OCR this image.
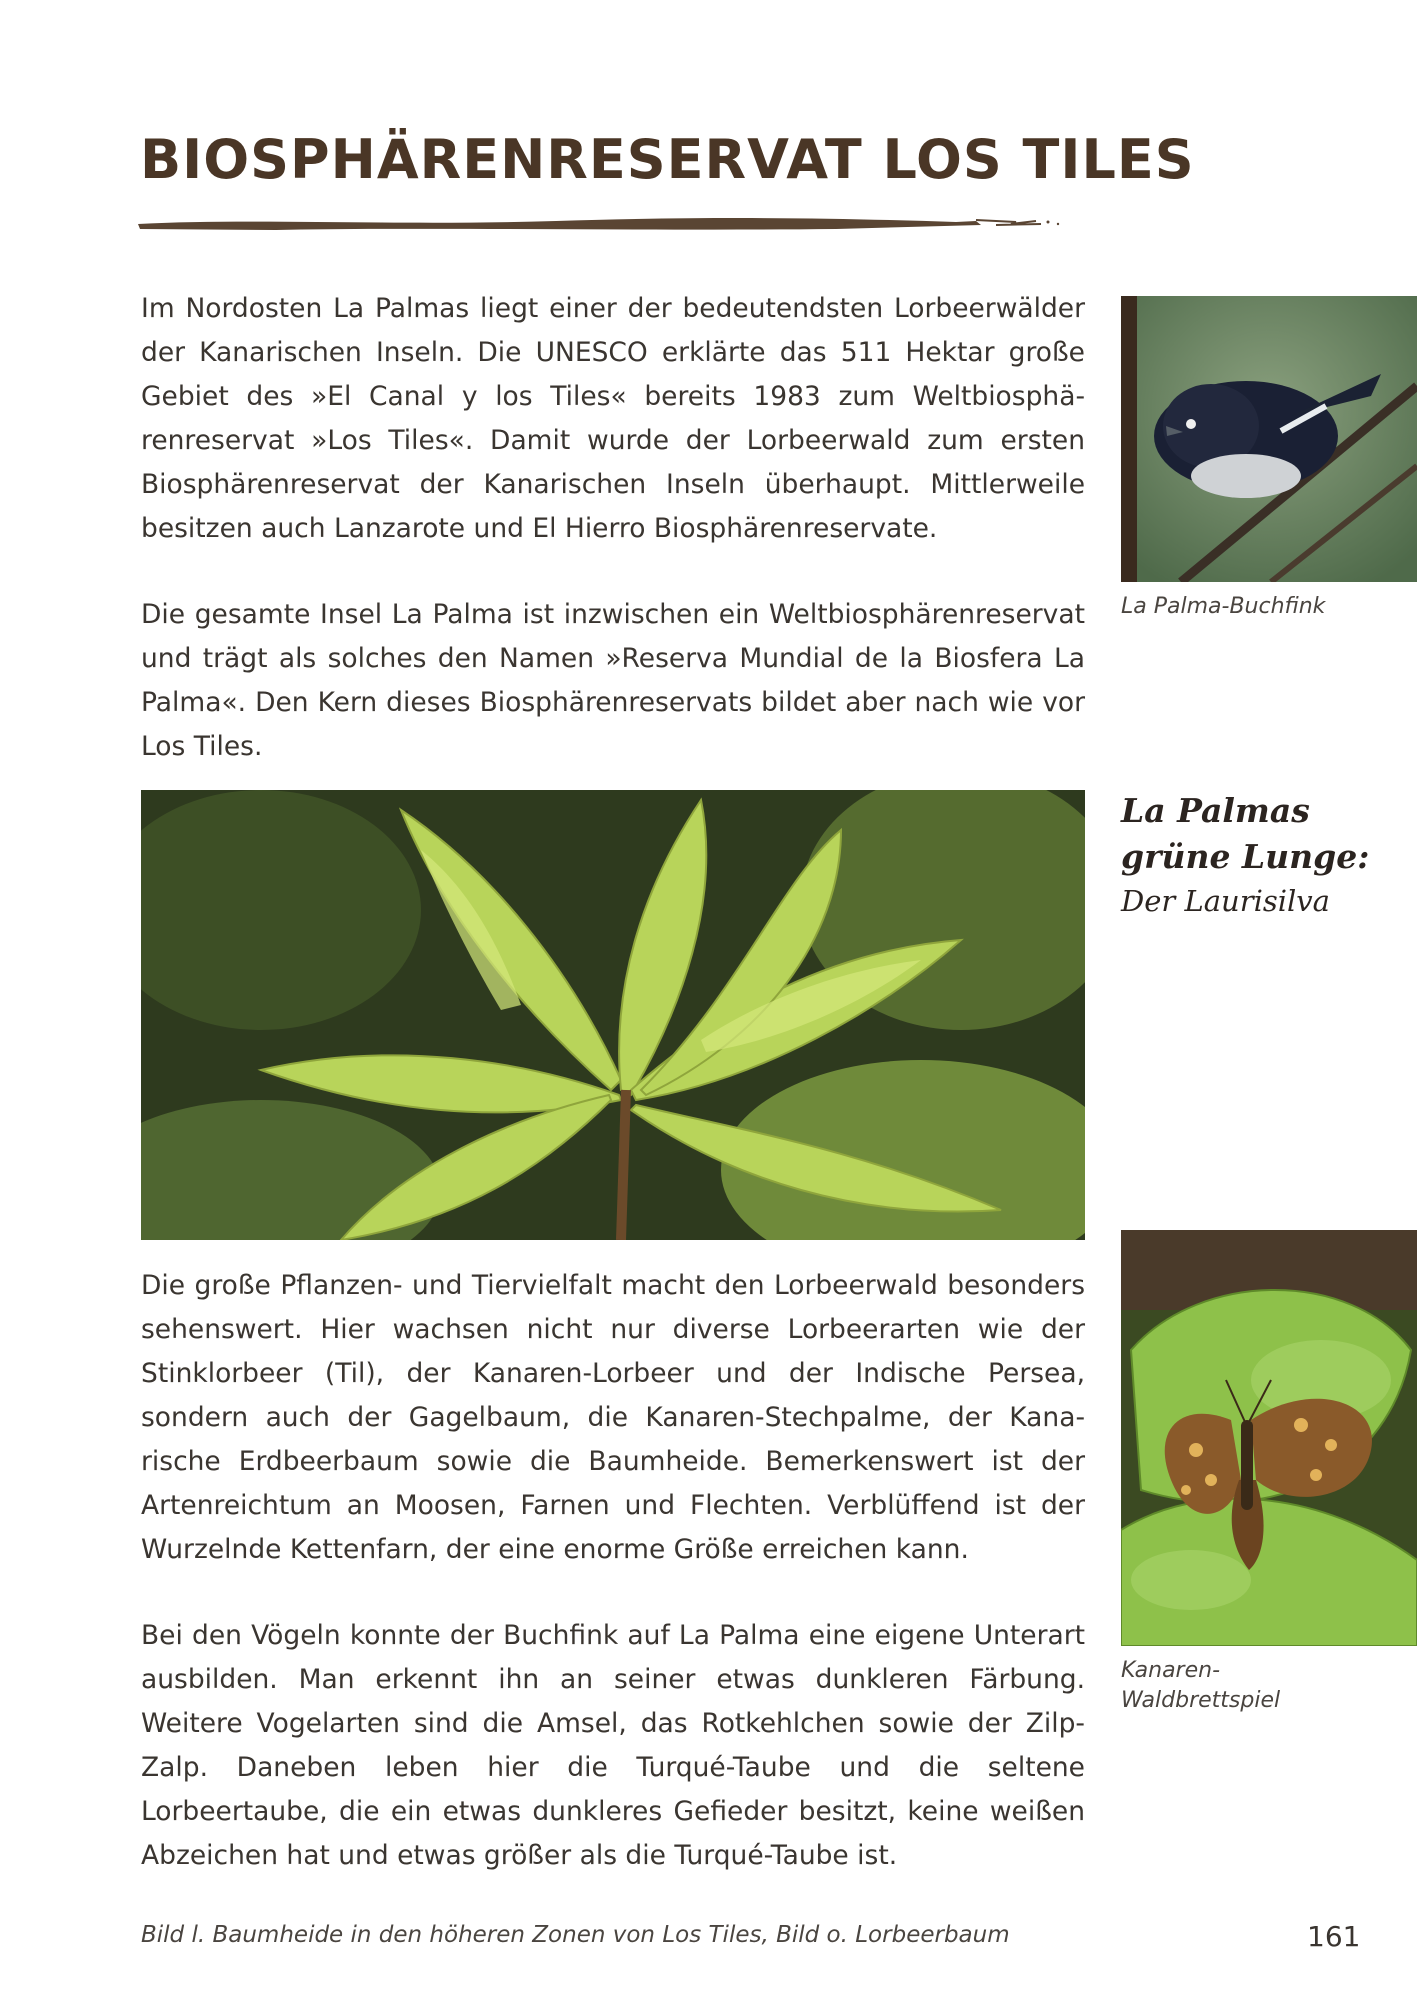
BIOSPHÄRENRESERVAT LOS TILES

Im Nordosten La Palmas liegt einer der bedeutendsten Lorbeerwälder der Kanarischen Inseln. Die UNESCO erklärte das 511 Hektar große Gebiet des »El Canal y los Tiles« bereits 1983 zum Weltbiosphärenreservat »Los Tiles«. Damit wurde der Lorbeerwald zum ersten Biosphärenreservat der Kanarischen Inseln überhaupt. Mittlerweile besitzen auch Lanzarote und El Hierro Biosphärenreservate.

Die gesamte Insel La Palma ist inzwischen ein Weltbiosphärenreservat und trägt als solches den Namen »Reserva Mundial de la Biosfera La Palma«. Den Kern dieses Biosphärenreservats bildet aber nach wie vor Los Tiles.

La Palma-Buchfink

La Palmas grüne Lunge:

Der Laurisilva

Die große Pflanzen- und Tiervielfalt macht den Lorbeerwald besonders sehenswert. Hier wachsen nicht nur diverse Lorbeerarten wie der Stinklorbeer (Til), der Kanaren-Lorbeer und der Indische Persea, sondern auch der Gagelbaum, die Kanaren-Stechpalme, der Kanarische Erdbeerbaum sowie die Baumheide. Bemerkenswert ist der Artenreichtum an Moosen, Farnen und Flechten. Verblüffend ist der Wurzelnde Kettenfarn, der eine enorme Größe erreichen kann.

Bei den Vögeln konnte der Buchfink auf La Palma eine eigene Unterart ausbilden. Man erkennt ihn an seiner etwas dunkleren Färbung. Weitere Vogelarten sind die Amsel, das Rotkehlchen sowie der Zilp-Zalp. Daneben leben hier die Turqué-Taube und die seltene Lorbeertaube, die ein etwas dunkleres Gefieder besitzt, keine weißen Abzeichen hat und etwas größer als die Turqué-Taube ist.

Kanaren-

Waldbrettspiel

Bild l. Baumheide in den höheren Zonen von Los Tiles, Bild o. Lorbeerbaum	161
